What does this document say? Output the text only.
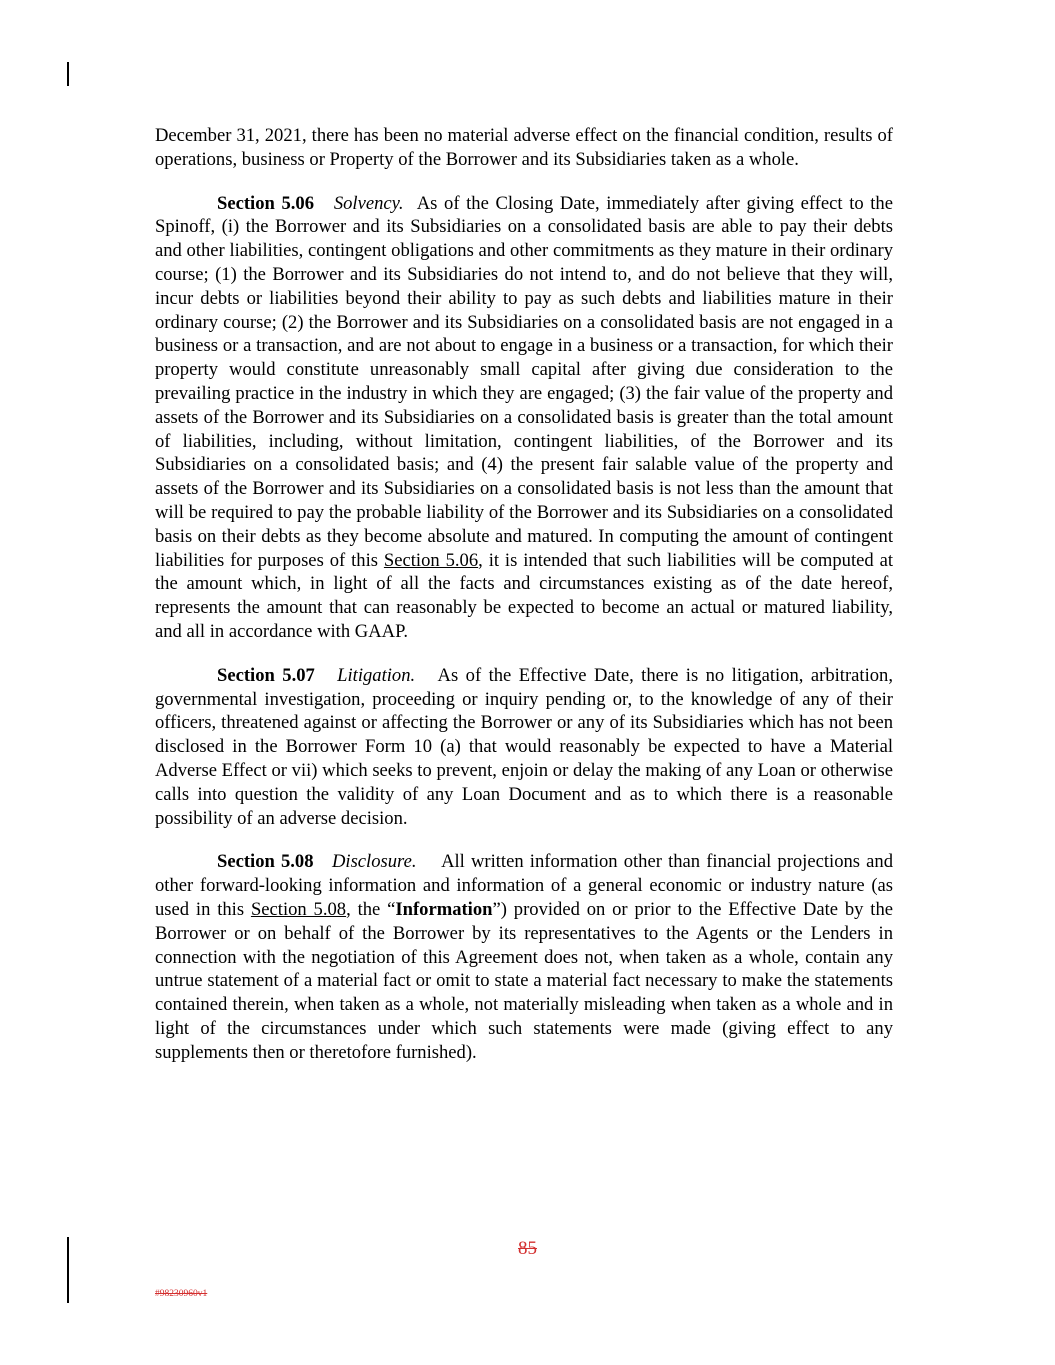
December 31, 2021, there has been no material adverse effect on the financial condition, results of operations, business or Property of the Borrower and its Subsidiaries taken as a whole.

Section 5.06 Solvency. As of the Closing Date, immediately after giving effect to the Spinoff, (i) the Borrower and its Subsidiaries on a consolidated basis are able to pay their debts and other liabilities, contingent obligations and other commitments as they mature in their ordinary course; (1) the Borrower and its Subsidiaries do not intend to, and do not believe that they will, incur debts or liabilities beyond their ability to pay as such debts and liabilities mature in their ordinary course; (2) the Borrower and its Subsidiaries on a consolidated basis are not engaged in a business or a transaction, and are not about to engage in a business or a transaction, for which their property would constitute unreasonably small capital after giving due consideration to the prevailing practice in the industry in which they are engaged; (3) the fair value of the property and assets of the Borrower and its Subsidiaries on a consolidated basis is greater than the total amount of liabilities, including, without limitation, contingent liabilities, of the Borrower and its Subsidiaries on a consolidated basis; and (4) the present fair salable value of the property and assets of the Borrower and its Subsidiaries on a consolidated basis is not less than the amount that will be required to pay the probable liability of the Borrower and its Subsidiaries on a consolidated basis on their debts as they become absolute and matured. In computing the amount of contingent liabilities for purposes of this Section 5.06, it is intended that such liabilities will be computed at the amount which, in light of all the facts and circumstances existing as of the date hereof, represents the amount that can reasonably be expected to become an actual or matured liability, and all in accordance with GAAP.

Section 5.07 Litigation. As of the Effective Date, there is no litigation, arbitration, governmental investigation, proceeding or inquiry pending or, to the knowledge of any of their officers, threatened against or affecting the Borrower or any of its Subsidiaries which has not been disclosed in the Borrower Form 10 (a) that would reasonably be expected to have a Material Adverse Effect or vii) which seeks to prevent, enjoin or delay the making of any Loan or otherwise calls into question the validity of any Loan Document and as to which there is a reasonable possibility of an adverse decision.

Section 5.08 Disclosure. All written information other than financial projections and other forward-looking information and information of a general economic or industry nature (as used in this Section 5.08, the “Information”) provided on or prior to the Effective Date by the Borrower or on behalf of the Borrower by its representatives to the Agents or the Lenders in connection with the negotiation of this Agreement does not, when taken as a whole, contain any untrue statement of a material fact or omit to state a material fact necessary to make the statements contained therein, when taken as a whole, not materially misleading when taken as a whole and in light of the circumstances under which such statements were made (giving effect to any supplements then or theretofore furnished).

85
#98230960v1
